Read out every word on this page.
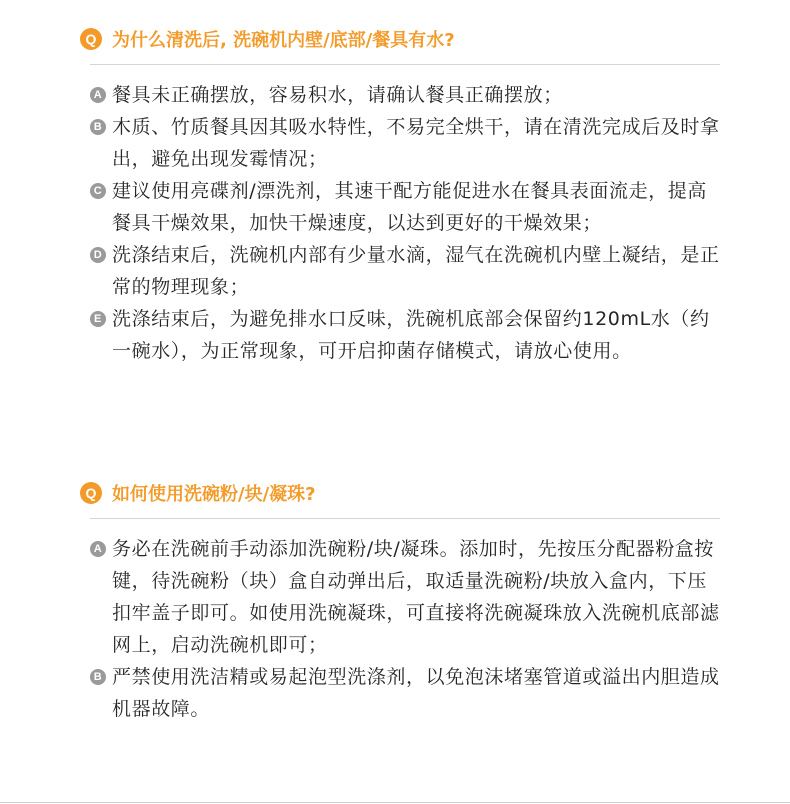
Q 为什么清洗后, 洗碗机内壁/底部/餐具有水?
A 餐具未正确摆放，容易积水，请确认餐具正确摆放；
B 木质、竹质餐具因其吸水特性，不易完全烘干，请在清洗完成后及时拿出，避免出现发霉情况；
C 建议使用亮碟剂/漂洗剂，其速干配方能促进水在餐具表面流走，提高餐具干燥效果，加快干燥速度，以达到更好的干燥效果；
D 洗涤结束后，洗碗机内部有少量水滴，湿气在洗碗机内壁上凝结，是正常的物理现象；
E 洗涤结束后，为避免排水口反味，洗碗机底部会保留约120mL水（约一碗水），为正常现象，可开启抑菌存储模式，请放心使用。
Q 如何使用洗碗粉/块/凝珠?
A 务必在洗碗前手动添加洗碗粉/块/凝珠。添加时，先按压分配器粉盒按键，待洗碗粉（块）盒自动弹出后，取适量洗碗粉/块放入盒内，下压扣牢盖子即可。如使用洗碗凝珠，可直接将洗碗凝珠放入洗碗机底部滤网上，启动洗碗机即可；
B 严禁使用洗洁精或易起泡型洗涤剂，以免泡沫堵塞管道或溢出内胆造成机器故障。
